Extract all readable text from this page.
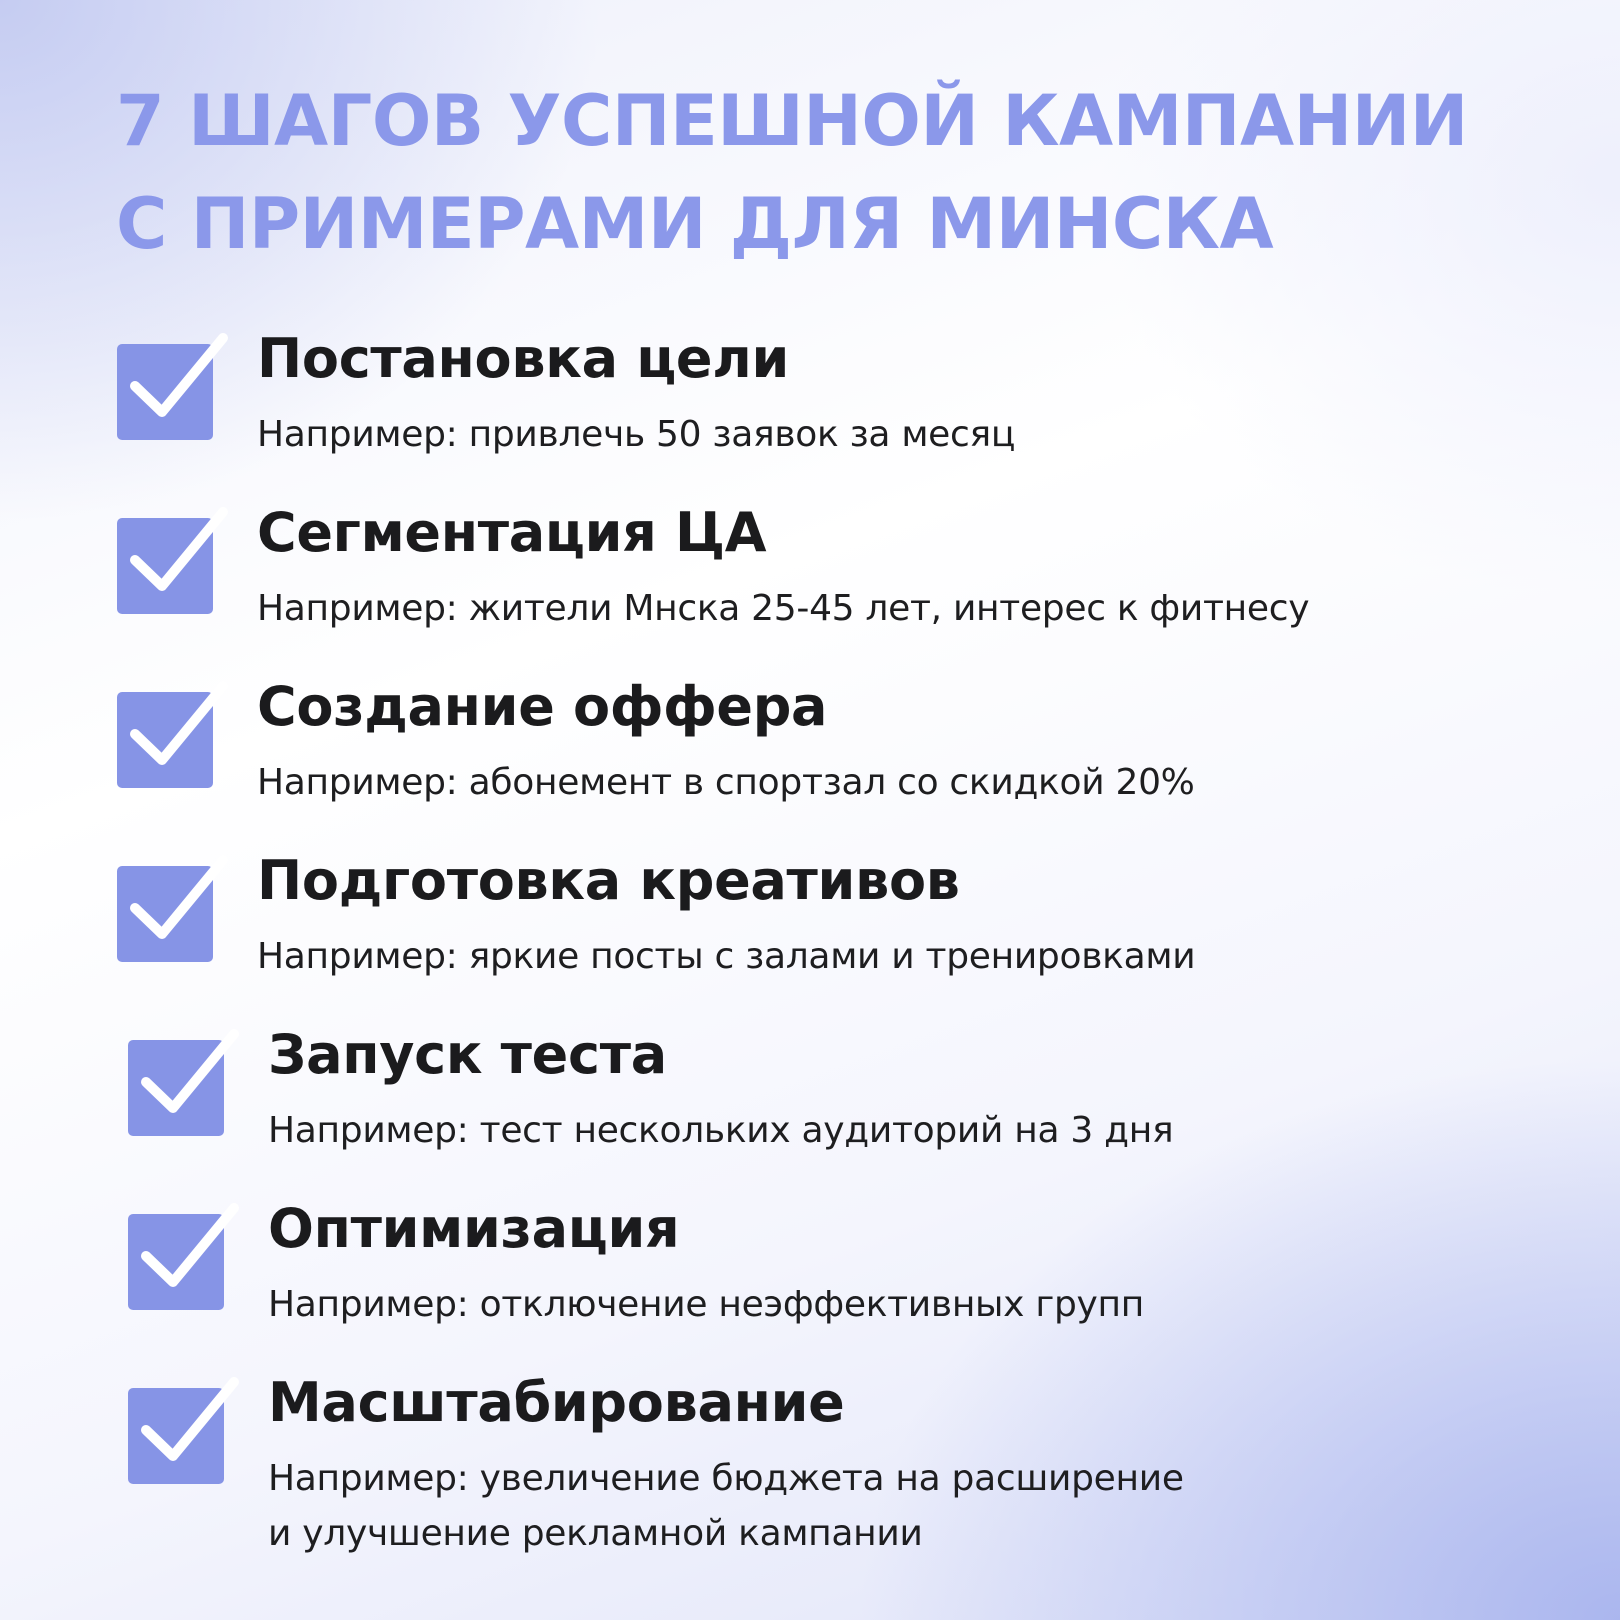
7 ШАГОВ УСПЕШНОЙ КАМПАНИИ
С ПРИМЕРАМИ ДЛЯ МИНСКА
Постановка цели
Например: привлечь 50 заявок за месяц
Сегментация ЦА
Например: жители Мнска 25-45 лет, интерес к фитнесу
Создание оффера
Например: абонемент в спортзал со скидкой 20%
Подготовка креативов
Например: яркие посты с залами и тренировками
Запуск теста
Например: тест нескольких аудиторий на 3 дня
Оптимизация
Например: отключение неэффективных групп
Масштабирование
Например: увеличение бюджета на расширение
и улучшение рекламной кампании
